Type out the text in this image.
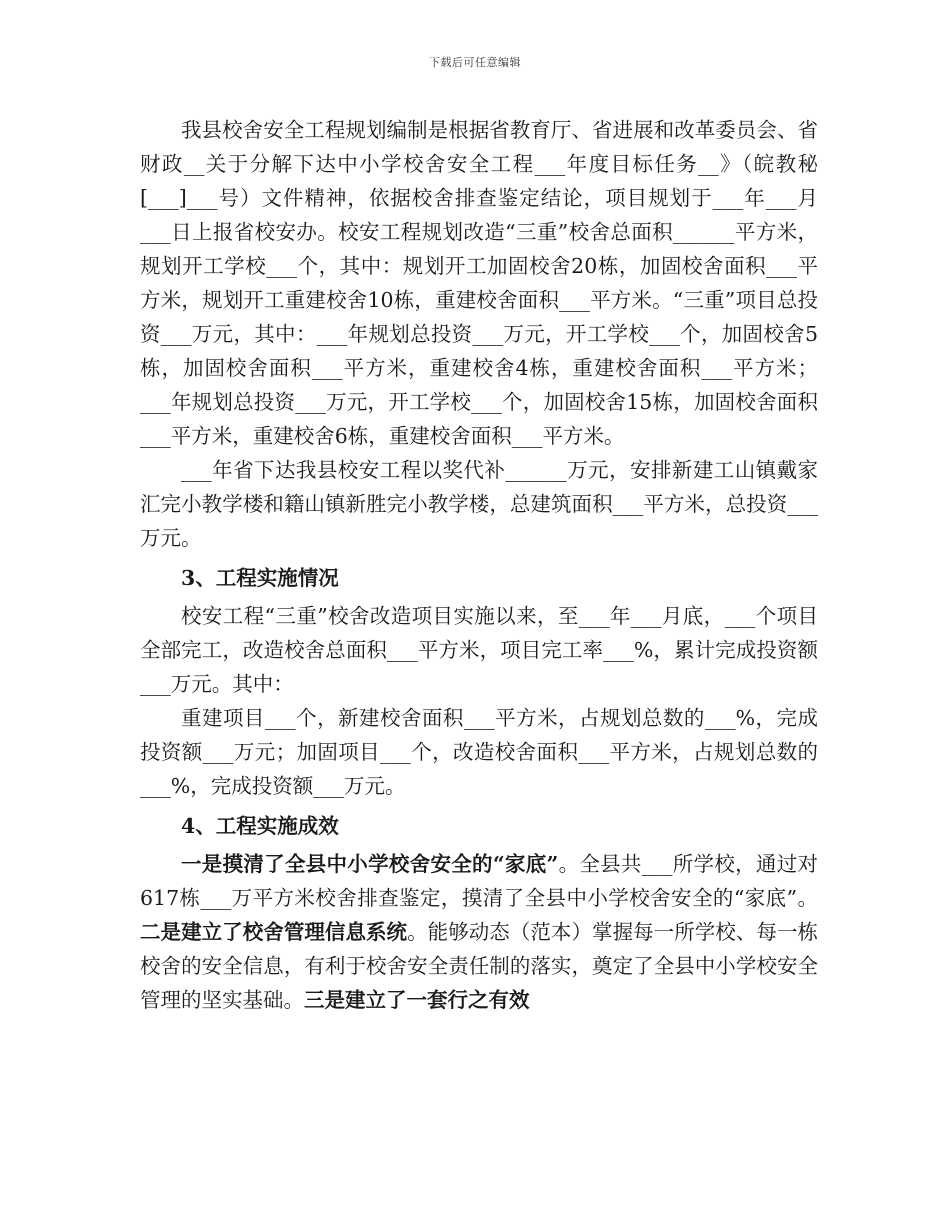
下载后可任意编辑

我县校舍安全工程规划编制是根据省教育厅、省进展和改革委员会、省财政__关于分解下达中小学校舍安全工程___年度目标任务__》（皖教秘[___]___号）文件精神，依据校舍排查鉴定结论，项目规划于___年___月___日上报省校安办。校安工程规划改造“三重”校舍总面积______平方米，规划开工学校___个，其中：规划开工加固校舍20栋，加固校舍面积___平方米，规划开工重建校舍10栋，重建校舍面积___平方米。“三重”项目总投资___万元，其中：___年规划总投资___万元，开工学校___个，加固校舍5栋，加固校舍面积___平方米，重建校舍4栋，重建校舍面积___平方米；___年规划总投资___万元，开工学校___个，加固校舍15栋，加固校舍面积___平方米，重建校舍6栋，重建校舍面积___平方米。

___年省下达我县校安工程以奖代补______万元，安排新建工山镇戴家汇完小教学楼和籍山镇新胜完小教学楼，总建筑面积___平方米，总投资___万元。

3、工程实施情况

校安工程“三重”校舍改造项目实施以来，至___年___月底，___个项目全部完工，改造校舍总面积___平方米，项目完工率___%，累计完成投资额___万元。其中：

重建项目___个，新建校舍面积___平方米，占规划总数的___%，完成投资额___万元；加固项目___个，改造校舍面积___平方米，占规划总数的___%，完成投资额___万元。

4、工程实施成效

一是摸清了全县中小学校舍安全的“家底”。全县共___所学校，通过对617栋___万平方米校舍排查鉴定，摸清了全县中小学校舍安全的“家底”。二是建立了校舍管理信息系统。能够动态（范本）掌握每一所学校、每一栋校舍的安全信息，有利于校舍安全责任制的落实，奠定了全县中小学校安全管理的坚实基础。三是建立了一套行之有效
